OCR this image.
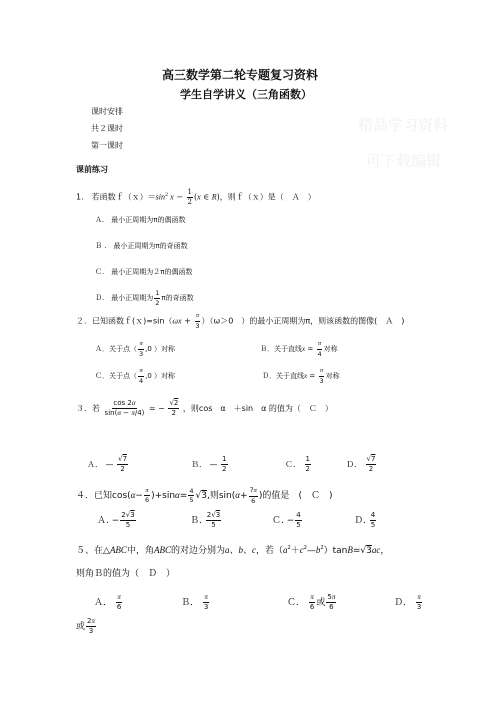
精品学习资料
可下载编辑
高三数学第二轮专题复习资料
学生自学讲义（三角函数）
课时安排
共２课时
第一课时
课前练习
1.　若函数$f(x)=\sin^2$ $x - \frac{1}{2} (x$ ∈ R)，则ｆ（ｘ）是（　Ａ　）
Ａ.　最小正周期为π的偶函数
Ｂ .　最小正周期为π的奇函数
Ｃ.　最小正周期为２π的偶函数
Ｄ.　最小正周期为 $\frac{1}{2}$ π的奇函数
２．已知函数ｆ(ｘ)=sin（ωx + $\frac{\pi}{3} )(\omega>0$　）的最小正周期为π，则该函数的图像(　Ａ　)
Ａ．关于点（ $\frac{\pi}{3} ,0$ ）对称	Ｂ．关于直线$x = \frac{\pi}{4}$ 对称
Ｃ．关于点（ $\frac{\pi}{4} ,0$ ）对称	Ｄ．关于直线$x = \frac{\pi}{3}$ 对称
３．若 $\frac{\cos 2\alpha}{\sin(\alpha - \pi/4)}$ = − √ $\frac{2}{2}$ ，则cos　α　＋sin　α 的值为（　Ｃ　）
Ａ． — √ $\frac{7}{2}$	Ｂ． — $\frac{1}{2}$	Ｃ． $\frac{1}{2}$	Ｄ． √ $\frac{7}{2}$
４．已知$\cos(\alpha- \frac{\pi}{6} )+\sin\alpha= \frac{4}{5}$ √ 3,则$\sin(\alpha+ \frac{7\pi}{6}$ )的值是　(　Ｃ　)
Ａ. − $\frac{2 √ 3}{5}$	Ｂ. $\frac{2 √ 3}{5}$	Ｃ. − $\frac{4}{5}$	Ｄ. $\frac{4}{5}$
５、在△ABC中，角ABC的对边分别为a、b、c，若$(a^2+c^2—b^2)\tan B=$ √ 3ac，
则角Ｂ的值为（　Ｄ　）
Ａ． $\frac{\pi}{6}$	Ｂ． $\frac{\pi}{3}$	Ｃ． $\frac{\pi}{6}$ 或 $\frac{5\pi}{6}$	Ｄ． $\frac{\pi}{3}$
或 $\frac{2\pi}{3}$
